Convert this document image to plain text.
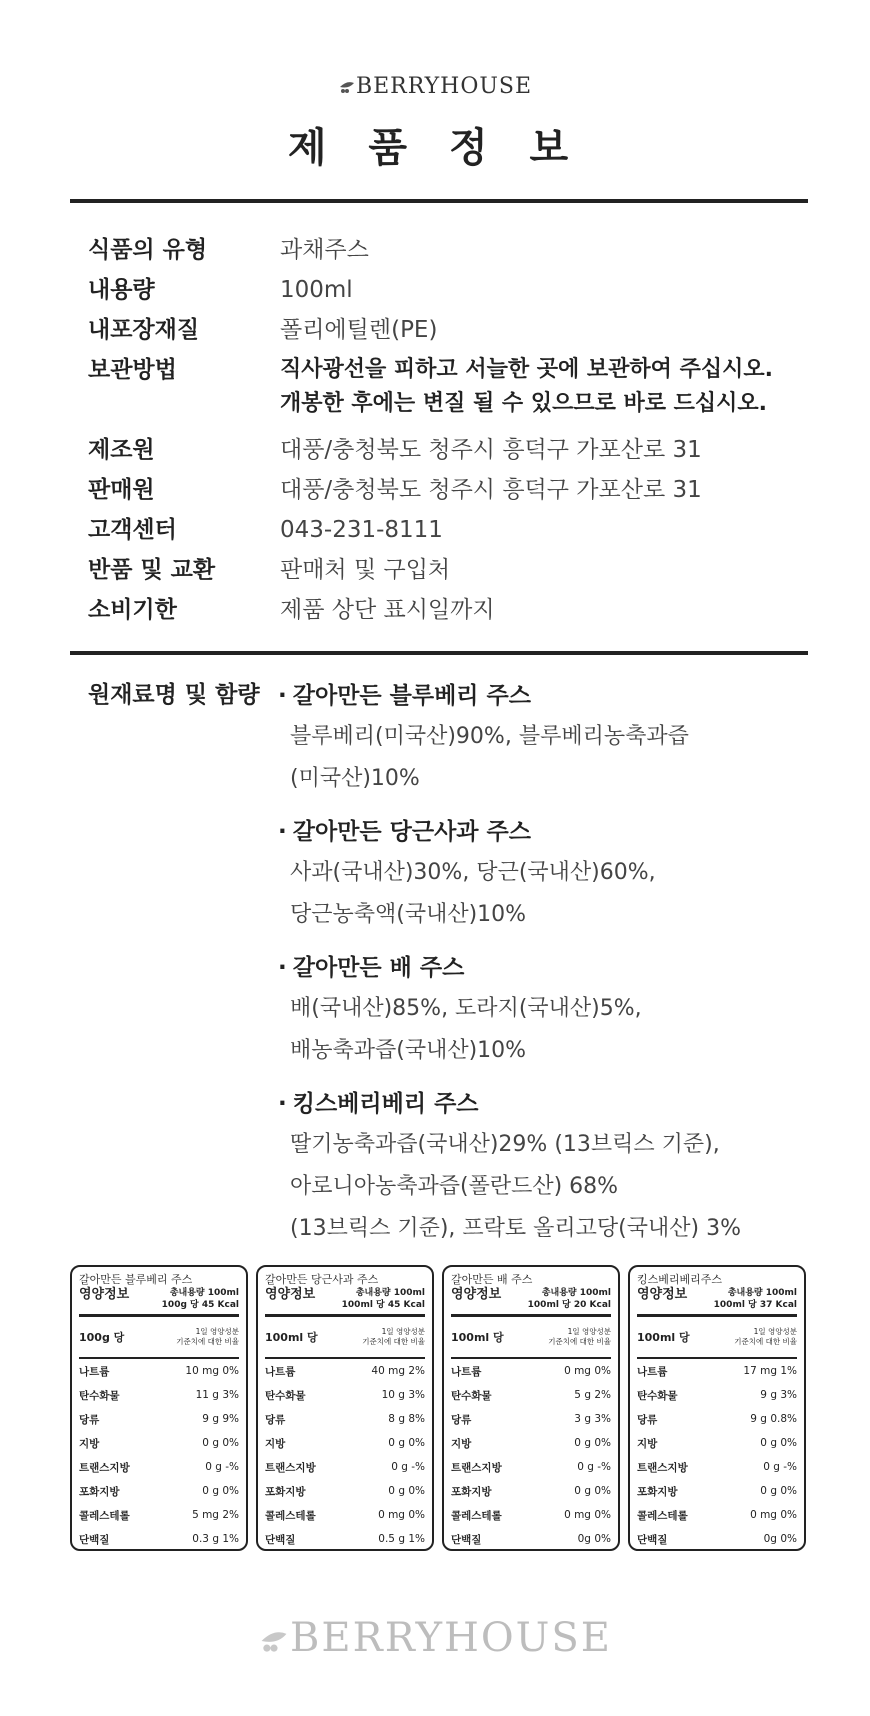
BERRYHOUSE
제 품 정 보
식품의 유형	과채주스
내용량	100ml
내포장재질	폴리에틸렌(PE)
보관방법	직사광선을 피하고 서늘한 곳에 보관하여 주십시오.
개봉한 후에는 변질 될 수 있으므로 바로 드십시오.
제조원	대풍/충청북도 청주시 흥덕구 가포산로 31
판매원	대풍/충청북도 청주시 흥덕구 가포산로 31
고객센터	043-231-8111
반품 및 교환	판매처 및 구입처
소비기한	제품 상단 표시일까지
원재료명 및 함량 · 갈아만든 블루베리 주스
블루베리(미국산)90%, 블루베리농축과즙
(미국산)10%
· 갈아만든 당근사과 주스
사과(국내산)30%, 당근(국내산)60%,
당근농축액(국내산)10%
· 갈아만든 배 주스
배(국내산)85%, 도라지(국내산)5%,
배농축과즙(국내산)10%
· 킹스베리베리 주스
딸기농축과즙(국내산)29% (13브릭스 기준),
아로니아농축과즙(폴란드산) 68%
(13브릭스 기준), 프락토 올리고당(국내산) 3%
갈아만든 블루베리 주스
영양정보	총내용량 100ml
100g 당 45 Kcal
100g 당	1일 영양성분
기준치에 대한 비율
나트륨	10 mg 0%
탄수화물	11 g 3%
당류	9 g 9%
지방	0 g 0%
트랜스지방	0 g -%
포화지방	0 g 0%
콜레스테롤	5 mg 2%
단백질	0.3 g 1%
갈아만든 당근사과 주스
영양정보	총내용량 100ml
100ml 당 45 Kcal
100ml 당	1일 영양성분
기준치에 대한 비율
나트륨	40 mg 2%
탄수화물	10 g 3%
당류	8 g 8%
지방	0 g 0%
트랜스지방	0 g -%
포화지방	0 g 0%
콜레스테롤	0 mg 0%
단백질	0.5 g 1%
갈아만든 배 주스
영양정보	총내용량 100ml
100ml 당 20 Kcal
100ml 당	1일 영양성분
기준치에 대한 비율
나트륨	0 mg 0%
탄수화물	5 g 2%
당류	3 g 3%
지방	0 g 0%
트랜스지방	0 g -%
포화지방	0 g 0%
콜레스테롤	0 mg 0%
단백질	0g 0%
킹스베리베리주스
영양정보	총내용량 100ml
100ml 당 37 Kcal
100ml 당	1일 영양성분
기준치에 대한 비율
나트륨	17 mg 1%
탄수화물	9 g 3%
당류	9 g 0.8%
지방	0 g 0%
트랜스지방	0 g -%
포화지방	0 g 0%
콜레스테롤	0 mg 0%
단백질	0g 0%
BERRYHOUSE
